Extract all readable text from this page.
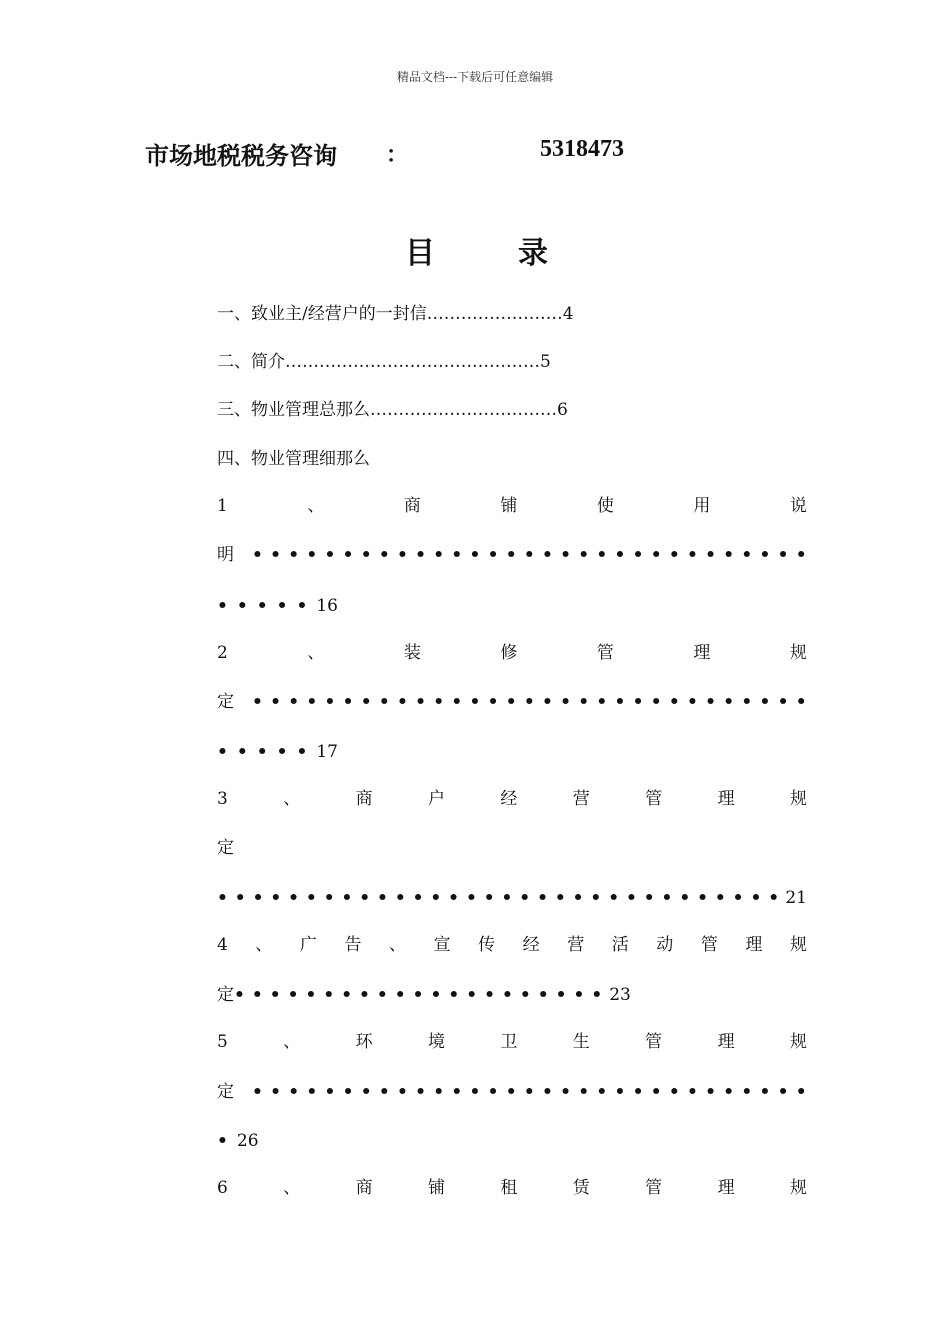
精品文档---下载后可任意编辑
市场地税税务咨询 ：	5318473
目	录
一、致业主/经营户的一封信……………………4
二、简介………………………………………5
三、物业管理总那么……………………………6
四、物业管理细那么
1	、	商	铺	使	用	说
明 • • • • • • • • • • • • • • • • • • • • • • • • • • • • • • •
•••••16
2	、	装	修	管	理	规
定 • • • • • • • • • • • • • • • • • • • • • • • • • • • • • • •
•••••17
3	、	商	户	经	营	管	理	规
定
• • • • • • • • • • • • • • • • • • • • • • • • • • • • • • • • 21
4 、 广 告 、 宣 传 经 营 活 动 管 理 规
定•••••••••••••••••••••23
5	、	环	境	卫	生	管	理	规
定 • • • • • • • • • • • • • • • • • • • • • • • • • • • • • • •
•26
6	、	商	铺	租	赁	管	理	规
